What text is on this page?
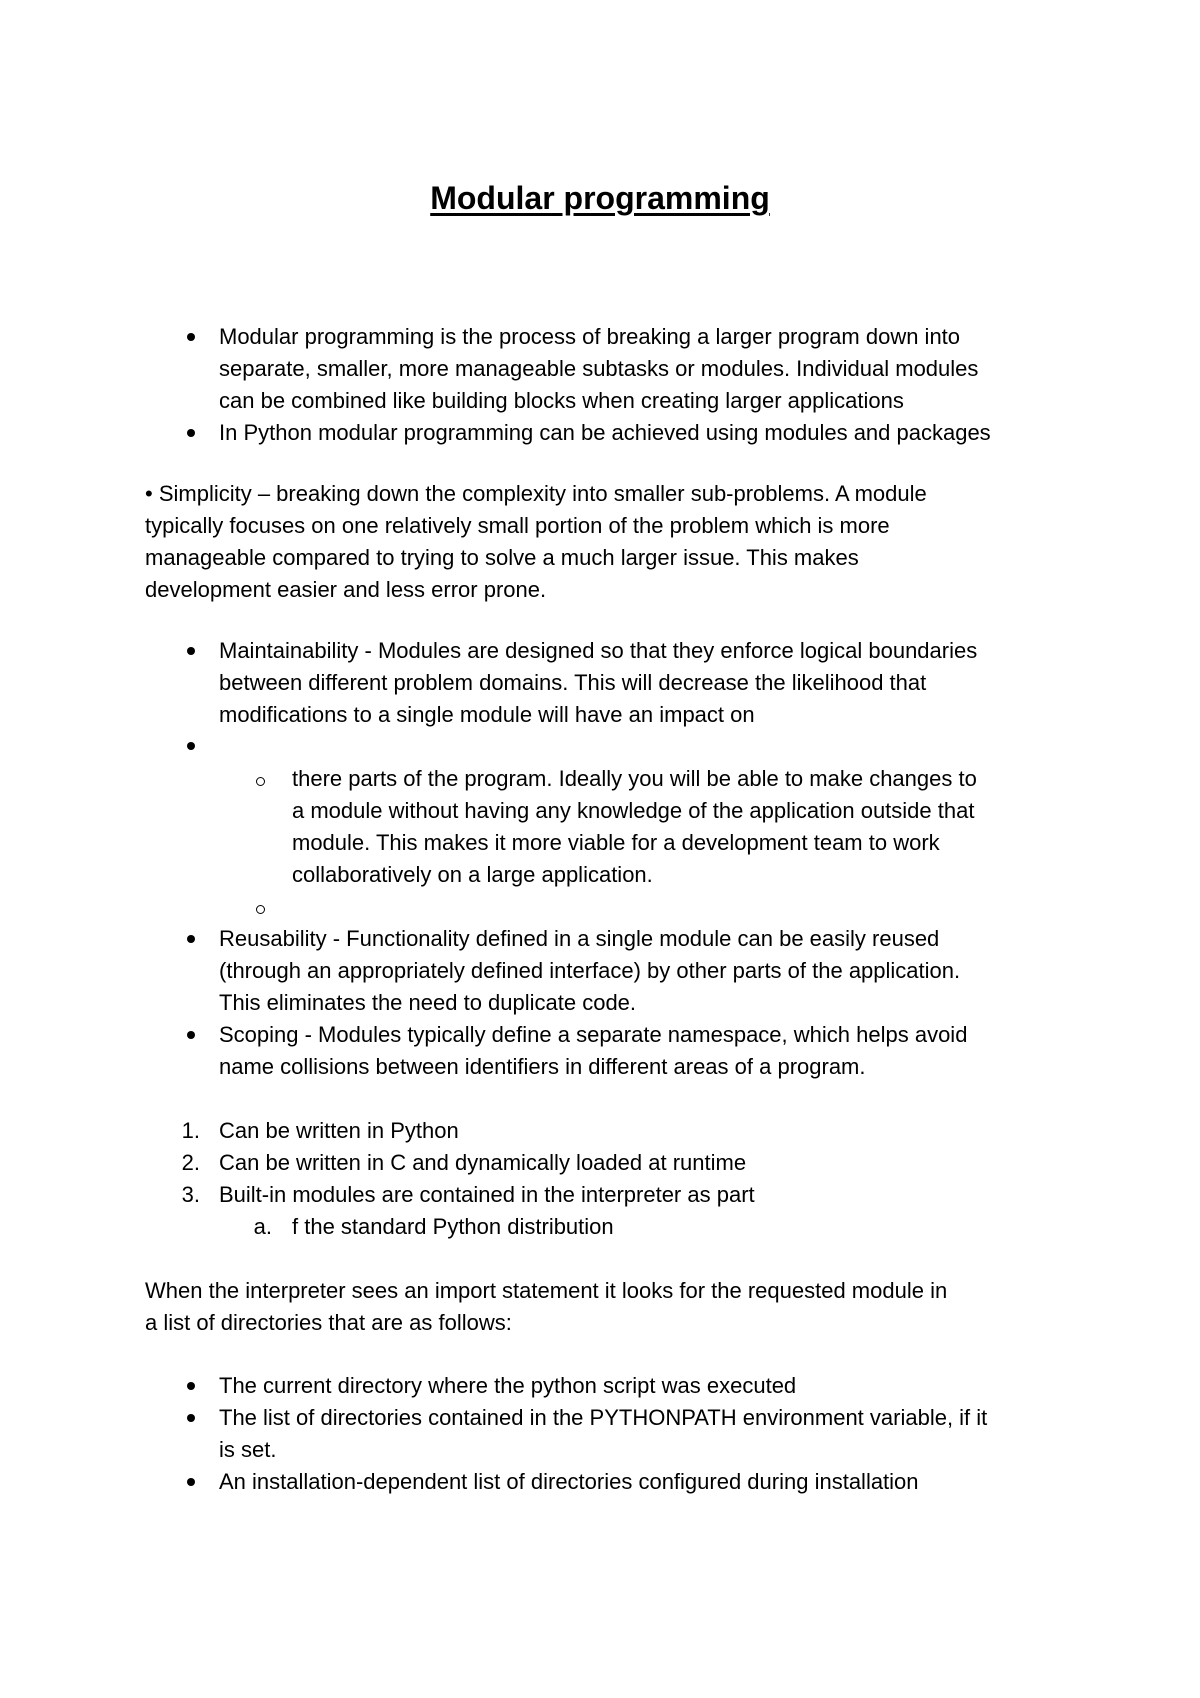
Modular programming
Modular programming is the process of breaking a larger program down into
separate, smaller, more manageable subtasks or modules. Individual modules
can be combined like building blocks when creating larger applications
In Python modular programming can be achieved using modules and packages
• Simplicity – breaking down the complexity into smaller sub-problems. A module
typically focuses on one relatively small portion of the problem which is more
manageable compared to trying to solve a much larger issue. This makes
development easier and less error prone.
Maintainability - Modules are designed so that they enforce logical boundaries
between different problem domains. This will decrease the likelihood that
modifications to a single module will have an impact on
there parts of the program. Ideally you will be able to make changes to
a module without having any knowledge of the application outside that
module. This makes it more viable for a development team to work
collaboratively on a large application.
Reusability - Functionality defined in a single module can be easily reused
(through an appropriately defined interface) by other parts of the application.
This eliminates the need to duplicate code.
Scoping - Modules typically define a separate namespace, which helps avoid
name collisions between identifiers in different areas of a program.
1. Can be written in Python
2. Can be written in C and dynamically loaded at runtime
3. Built-in modules are contained in the interpreter as part
a. f the standard Python distribution
When the interpreter sees an import statement it looks for the requested module in
a list of directories that are as follows:
The current directory where the python script was executed
The list of directories contained in the PYTHONPATH environment variable, if it
is set.
An installation-dependent list of directories configured during installation
